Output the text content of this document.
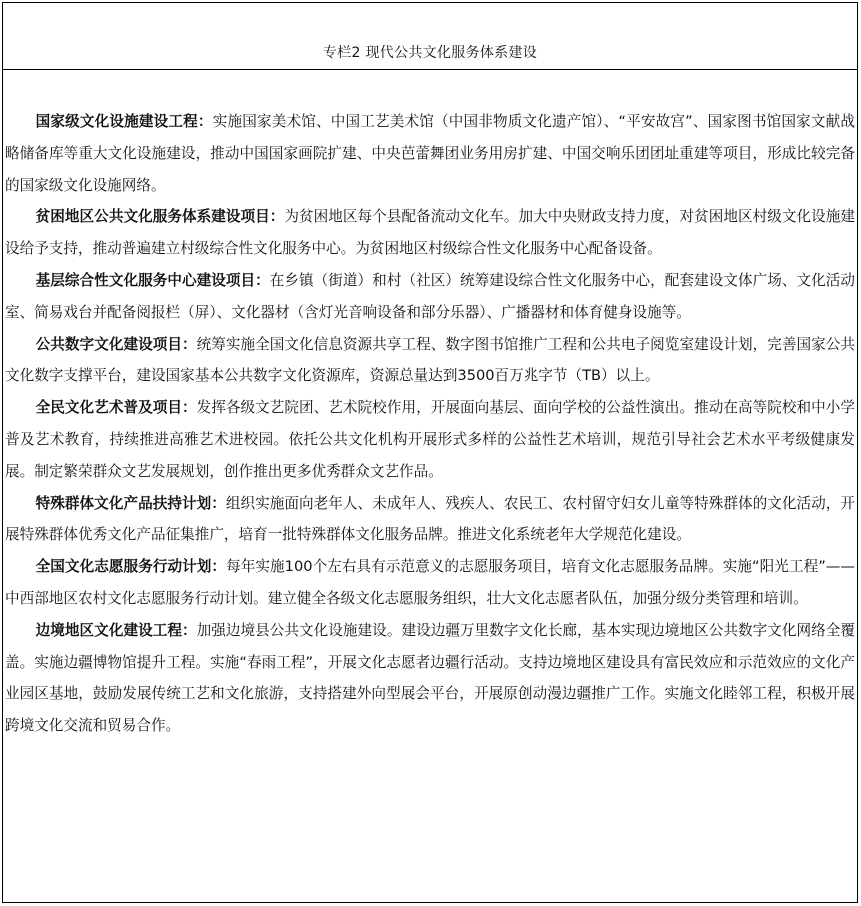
专栏2 现代公共文化服务体系建设

国家级文化设施建设工程：实施国家美术馆、中国工艺美术馆（中国非物质文化遗产馆）、“平安故宫”、国家图书馆国家文献战略储备库等重大文化设施建设，推动中国国家画院扩建、中央芭蕾舞团业务用房扩建、中国交响乐团团址重建等项目，形成比较完备的国家级文化设施网络。

贫困地区公共文化服务体系建设项目：为贫困地区每个县配备流动文化车。加大中央财政支持力度，对贫困地区村级文化设施建设给予支持，推动普遍建立村级综合性文化服务中心。为贫困地区村级综合性文化服务中心配备设备。

基层综合性文化服务中心建设项目：在乡镇（街道）和村（社区）统筹建设综合性文化服务中心，配套建设文体广场、文化活动室、简易戏台并配备阅报栏（屏）、文化器材（含灯光音响设备和部分乐器）、广播器材和体育健身设施等。

公共数字文化建设项目：统筹实施全国文化信息资源共享工程、数字图书馆推广工程和公共电子阅览室建设计划，完善国家公共文化数字支撑平台，建设国家基本公共数字文化资源库，资源总量达到3500百万兆字节（TB）以上。

全民文化艺术普及项目：发挥各级文艺院团、艺术院校作用，开展面向基层、面向学校的公益性演出。推动在高等院校和中小学普及艺术教育，持续推进高雅艺术进校园。依托公共文化机构开展形式多样的公益性艺术培训，规范引导社会艺术水平考级健康发展。制定繁荣群众文艺发展规划，创作推出更多优秀群众文艺作品。

特殊群体文化产品扶持计划：组织实施面向老年人、未成年人、残疾人、农民工、农村留守妇女儿童等特殊群体的文化活动，开展特殊群体优秀文化产品征集推广，培育一批特殊群体文化服务品牌。推进文化系统老年大学规范化建设。

全国文化志愿服务行动计划：每年实施100个左右具有示范意义的志愿服务项目，培育文化志愿服务品牌。实施“阳光工程”——中西部地区农村文化志愿服务行动计划。建立健全各级文化志愿服务组织，壮大文化志愿者队伍，加强分级分类管理和培训。

边境地区文化建设工程：加强边境县公共文化设施建设。建设边疆万里数字文化长廊，基本实现边境地区公共数字文化网络全覆盖。实施边疆博物馆提升工程。实施“春雨工程”，开展文化志愿者边疆行活动。支持边境地区建设具有富民效应和示范效应的文化产业园区基地，鼓励发展传统工艺和文化旅游，支持搭建外向型展会平台，开展原创动漫边疆推广工作。实施文化睦邻工程，积极开展跨境文化交流和贸易合作。
